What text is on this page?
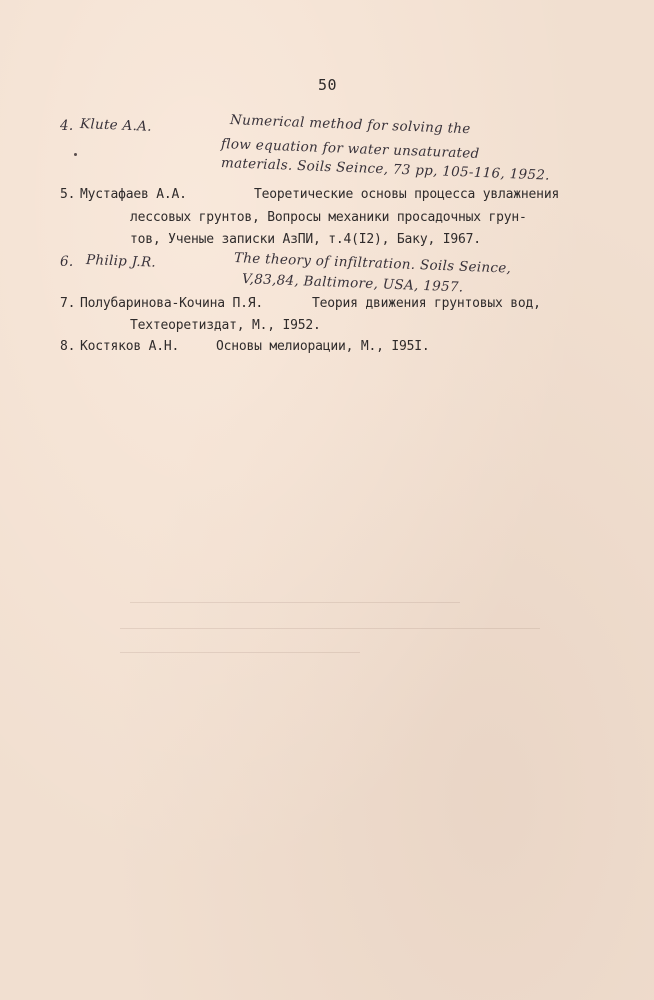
50
4. Klute A.A.	Numerical method for solving the
flow equation for water unsaturated
materials. Soils Seince, 73 pp, 105-116, 1952.
5. Мустафаев А.А.	Теоретические основы процесса увлажнения
лессовых грунтов, Вопросы механики просадочных грун-
тов, Ученые записки АзПИ, т.4(I2), Баку, I967.
6. Philip J.R.	The theory of infiltration. Soils Seince,
V,83,84, Baltimore, USA, 1957.
7. Полубаринова-Кочина П.Я.	Теория движения грунтовых вод,
Техтеоретиздат, М., I952.
8. Костяков А.Н.	Основы мелиорации, М., I95I.
